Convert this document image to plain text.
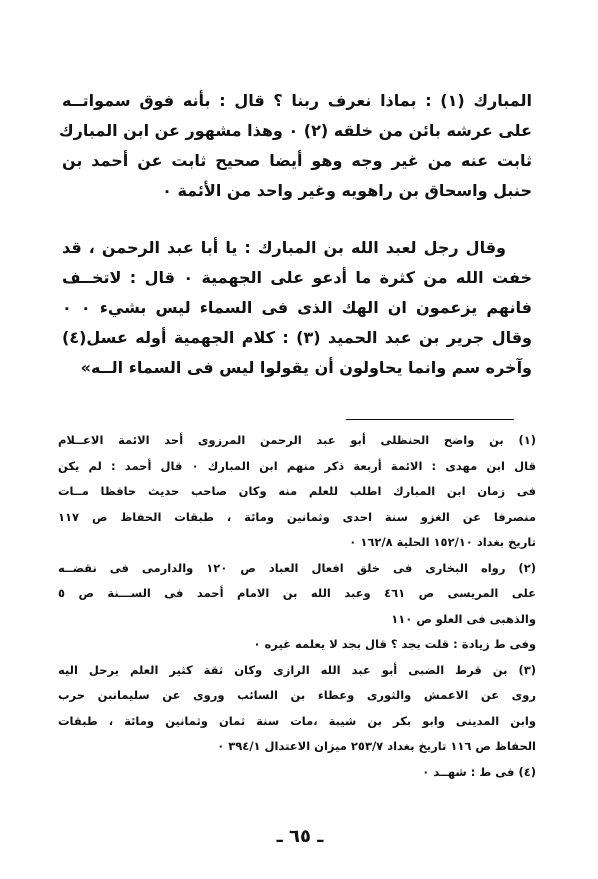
المبارك (١) : بماذا نعرف ربنا ؟ قال : بأنه فوق سمواتــه
على عرشه بائن من خلقه (٢) ٠ وهذا مشهور عن ابن المبارك
ثابت عنه من غير وجه وهو أيضا صحيح ثابت عن أحمد بن
حنبل واسحاق بن راهويه وغير واحد من الأئمة ٠
وقال رجل لعبد الله بن المبارك : يا أبا عبد الرحمن ، قد
خفت الله من كثرة ما أدعو على الجهمية ٠ قال : لاتخــف
فانهم يزعمون ان الهك الذى فى السماء ليس بشيء ٠ ٠
وقال جرير بن عبد الحميد (٣) : كلام الجهمية أوله عسل(٤)
وآخره سم وانما يحاولون أن يقولوا ليس فى السماء الــه»
(١) بن واضح الحنظلى أبو عبد الرحمن المرزوى أحد الائمة الاعــلام
قال ابن مهدى : الائمة أربعة ذكر منهم ابن المبارك ٠ قال أحمد : لم يكن
فى زمان ابن المبارك اطلب للعلم منه وكان صاحب حديث حافظا مــات
منصرفا عن الغزو سنة احدى وثمانين ومائة ، طبقات الحفاظ ص ١١٧
تاريخ بغداد ١٥٢/١٠ الحلية ١٦٢/٨ ٠
(٢) رواه البخارى فى خلق افعال العباد ص ١٢٠ والدارمى فى نقضــه
على المريسى ص ٤٦١ وعبد الله بن الامام أحمد فى الســـنة ص ٥
والذهبى فى العلو ص ١١٠
وفى ط زيادة : قلت بجد ؟ قال بجد لا يعلمه غيره ٠
(٣) بن قرط الضبى أبو عبد الله الرازى وكان ثقة كثير العلم يرحل اليه
روى عن الاعمش والثورى وعطاء بن السائب وروى عن سليمانبن حرب
وابن المدينى وابو بكر بن شيبة ،مات سنة ثمان وثمانين ومائة ، طبقات
الحفاظ ص ١١٦ تاريخ بغداد ٢٥٣/٧ ميزان الاعتدال ٣٩٤/١ ٠
(٤) فى ط : شهــد ٠
ـ ٦٥ ـ
